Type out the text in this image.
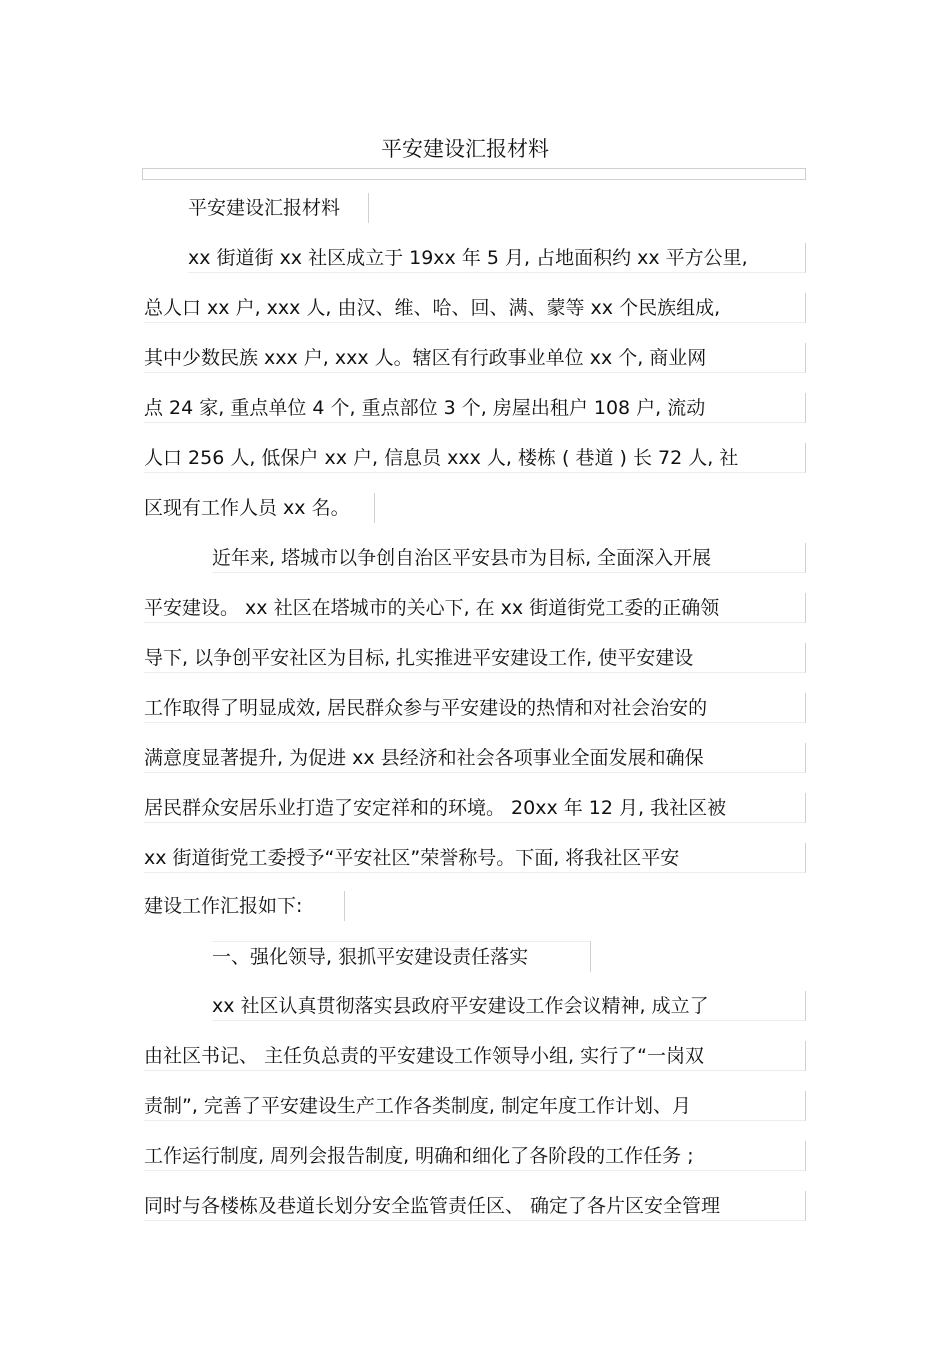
平安建设汇报材料
平安建设汇报材料
xx 街道街 xx 社区成立于 19xx 年 5 月, 占地面积约 xx 平方公里,
总人口 xx 户, xxx 人, 由汉、维、哈、回、满、蒙等 xx 个民族组成,
其中少数民族 xxx 户, xxx 人。辖区有行政事业单位 xx 个, 商业网
点 24 家, 重点单位 4 个, 重点部位 3 个, 房屋出租户 108 户, 流动
人口 256 人, 低保户 xx 户, 信息员 xxx 人, 楼栋 ( 巷道 ) 长 72 人, 社
区现有工作人员 xx 名。
近年来, 塔城市以争创自治区平安县市为目标, 全面深入开展
平安建设。 xx 社区在塔城市的关心下, 在 xx 街道街党工委的正确领
导下, 以争创平安社区为目标, 扎实推进平安建设工作, 使平安建设
工作取得了明显成效, 居民群众参与平安建设的热情和对社会治安的
满意度显著提升, 为促进 xx 县经济和社会各项事业全面发展和确保
居民群众安居乐业打造了安定祥和的环境。 20xx 年 12 月, 我社区被
xx 街道街党工委授予“平安社区”荣誉称号。下面, 将我社区平安
建设工作汇报如下:
一、强化领导, 狠抓平安建设责任落实
xx 社区认真贯彻落实县政府平安建设工作会议精神, 成立了
由社区书记、 主任负总责的平安建设工作领导小组, 实行了“一岗双
责制”, 完善了平安建设生产工作各类制度, 制定年度工作计划、月
工作运行制度, 周列会报告制度, 明确和细化了各阶段的工作任务 ;
同时与各楼栋及巷道长划分安全监管责任区、 确定了各片区安全管理
